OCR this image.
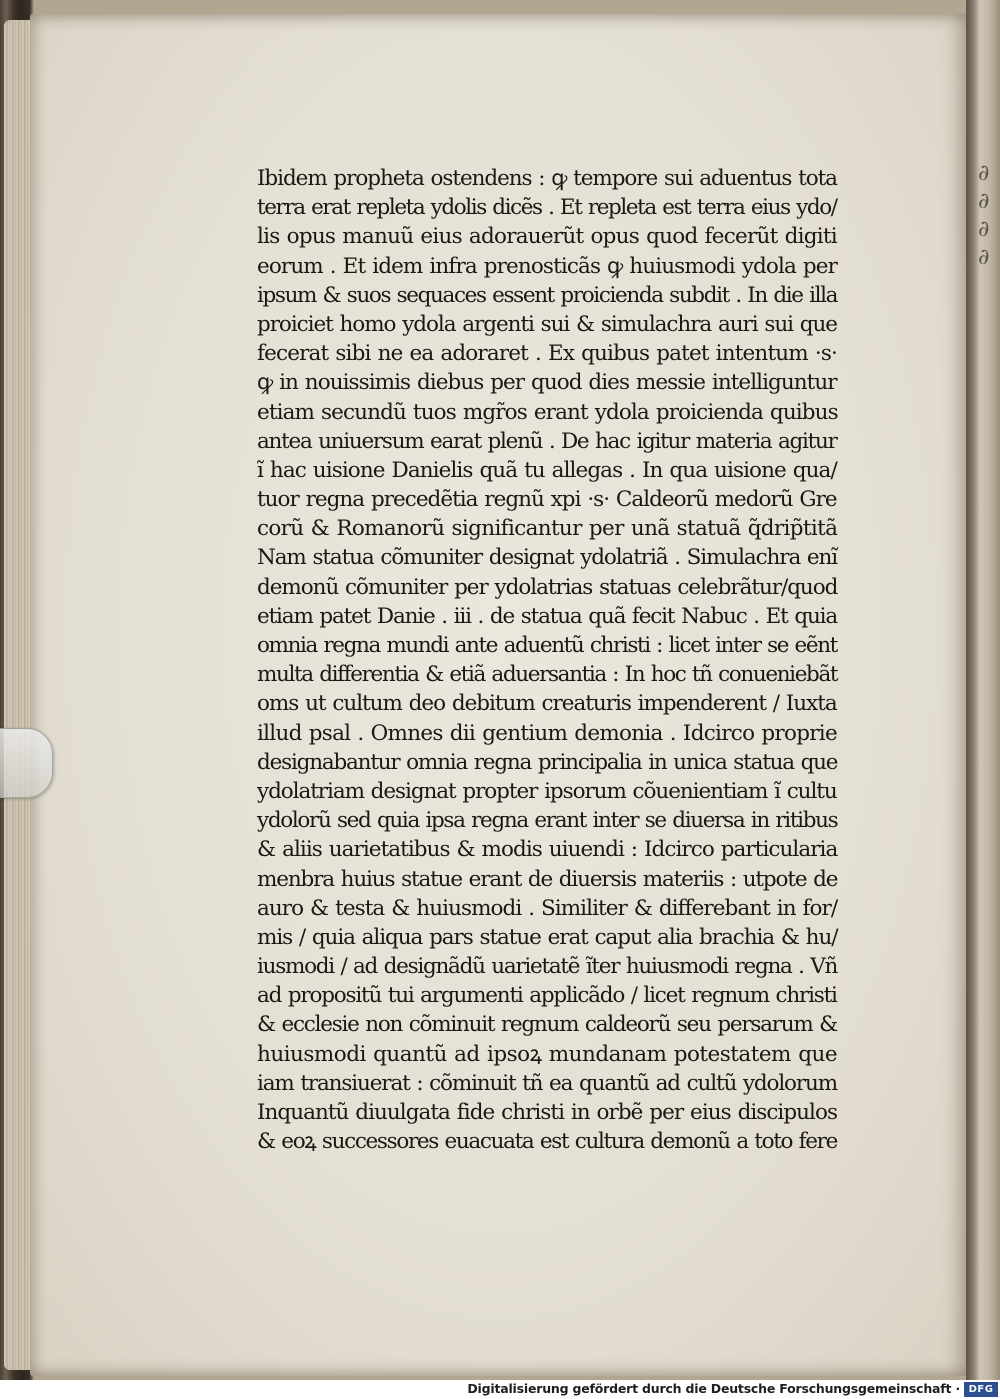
∂ ∂ ∂ ∂
Ibidem propheta ostendens : ꝙ tempore sui aduentus tota
terra erat repleta ydolis dicẽs . Et repleta est terra eius ydo/
lis opus manuũ eius adorauerũt opus quod fecerũt digiti
eorum . Et idem infra prenosticãs ꝙ huiusmodi ydola per
ipsum & suos sequaces essent proicienda subdit . In die illa
proiciet homo ydola argenti sui & simulachra auri sui que
fecerat sibi ne ea adoraret . Ex quibus patet intentum ·s·
ꝙ in nouissimis diebus per quod dies messie intelliguntur
etiam secundũ tuos mgr̃os erant ydola proicienda quibus
antea uniuersum earat plenũ . De hac igitur materia agitur
ĩ hac uisione Danielis quã tu allegas . In qua uisione qua/
tuor regna precedẽtia regnũ xpi ·s· Caldeorũ medorũ Gre
corũ & Romanorũ significantur per unã statuã q̃drip̃titã
Nam statua cõmuniter designat ydolatriã . Simulachra enĩ
demonũ cõmuniter per ydolatrias statuas celebrãtur/quod
etiam patet Danie . iii . de statua quã fecit Nabuc . Et quia
omnia regna mundi ante aduentũ christi : licet inter se eẽnt
multa differentia & etiã aduersantia : In hoc tñ conueniebãt
oms ut cultum deo debitum creaturis impenderent / Iuxta
illud psal . Omnes dii gentium demonia . Idcirco proprie
designabantur omnia regna principalia in unica statua que
ydolatriam designat propter ipsorum cõuenientiam ĩ cultu
ydolorũ sed quia ipsa regna erant inter se diuersa in ritibus
& aliis uarietatibus & modis uiuendi : Idcirco particularia
menbra huius statue erant de diuersis materiis : utpote de
auro & testa & huiusmodi . Similiter & differebant in for/
mis / quia aliqua pars statue erat caput alia brachia & hu/
iusmodi / ad designãdũ uarietatẽ ĩter huiusmodi regna . Vñ
ad propositũ tui argumenti applicãdo / licet regnum christi
& ecclesie non cõminuit regnum caldeorũ seu persarum &
huiusmodi quantũ ad ipsoꝝ mundanam potestatem que
iam transiuerat : cõminuit tñ ea quantũ ad cultũ ydolorum
Inquantũ diuulgata fide christi in orbẽ per eius discipulos
& eoꝝ successores euacuata est cultura demonũ a toto fere
Digitalisierung gefördert durch die Deutsche Forschungsgemeinschaft · DFG
